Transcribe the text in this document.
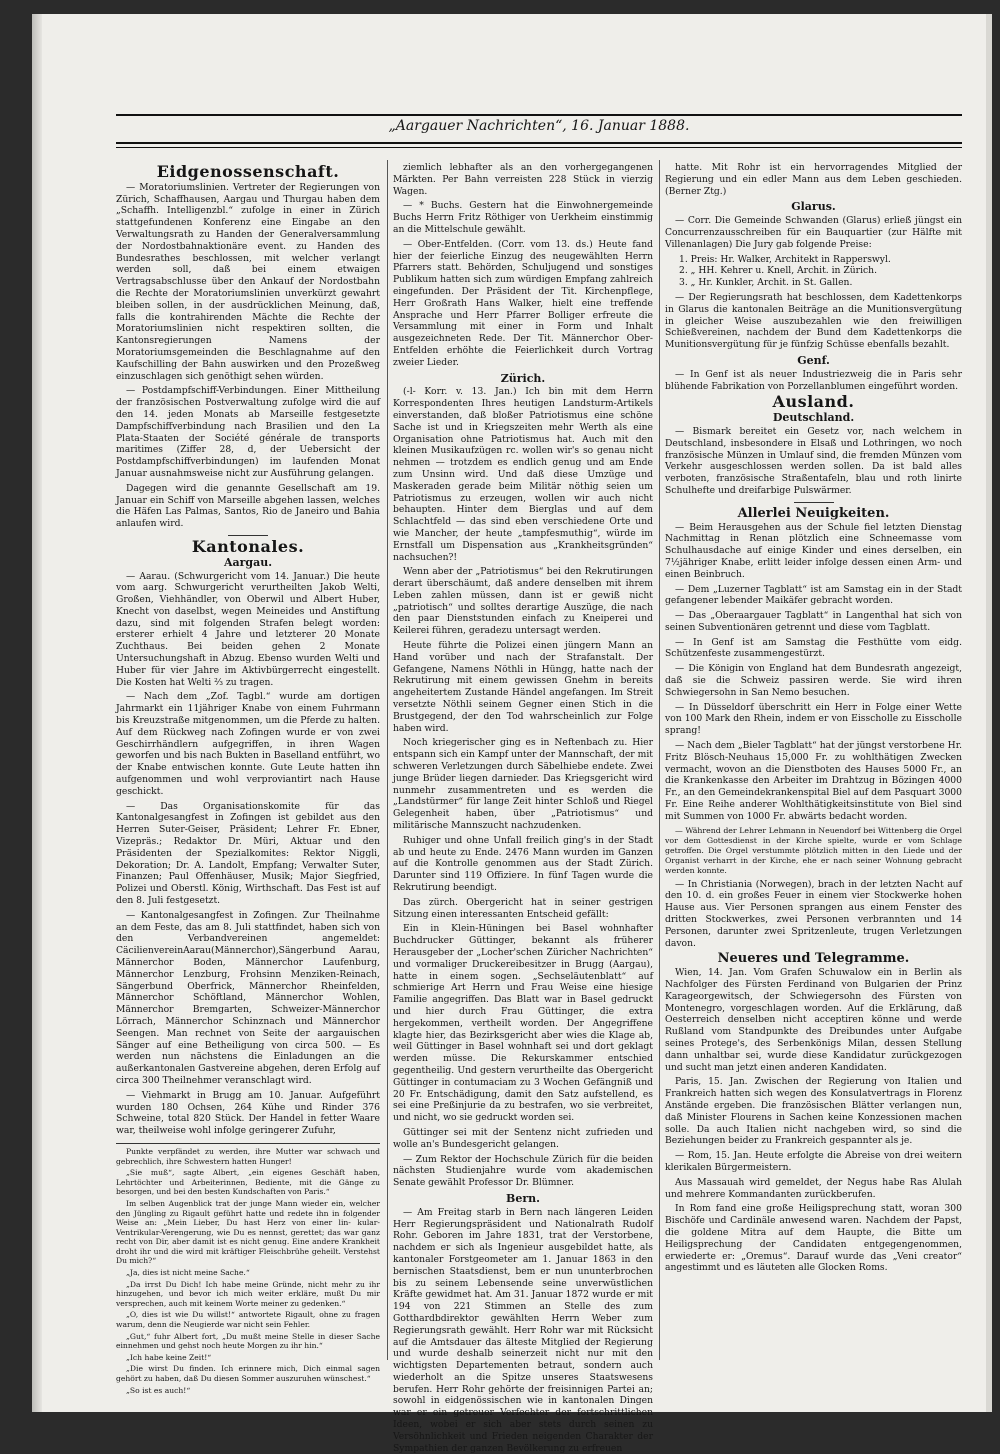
„Aargauer Nachrichten“, 16. Januar 1888.
Eidgenossenschaft.

— Moratoriumslinien. Vertreter der Regierungen von Zürich, Schaffhausen, Aargau und Thurgau haben dem „Schaffh. Intelligenzbl.“ zufolge in einer in Zürich stattgefundenen Konferenz eine Eingabe an den Verwaltungsrath zu Handen der Generalversammlung der Nordostbahnaktionäre event. zu Handen des Bundesrathes beschlossen, mit welcher verlangt werden soll, daß bei einem etwaigen Vertragsabschlusse über den Ankauf der Nordostbahn die Rechte der Moratoriumslinien unverkürzt gewahrt bleiben sollen, in der ausdrücklichen Meinung, daß, falls die kontrahirenden Mächte die Rechte der Moratoriumslinien nicht respektiren sollten, die Kantonsregierungen Namens der Moratoriumsgemeinden die Beschlagnahme auf den Kaufschilling der Bahn auswirken und den Prozeßweg einzuschlagen sich genöthigt sehen würden.

— Postdampfschiff-Verbindungen. Einer Mittheilung der französischen Postverwaltung zufolge wird die auf den 14. jeden Monats ab Marseille festgesetzte Dampfschiffverbindung nach Brasilien und den La Plata-Staaten der Société générale de transports maritimes (Ziffer 28, d, der Uebersicht der Postdampfschiffverbindungen) im laufenden Monat Januar ausnahmsweise nicht zur Ausführung gelangen.

Dagegen wird die genannte Gesellschaft am 19. Januar ein Schiff von Marseille abgehen lassen, welches die Häfen Las Palmas, Santos, Rio de Janeiro und Bahia anlaufen wird.

Kantonales.
Aargau.

— Aarau. (Schwurgericht vom 14. Januar.) Die heute vom aarg. Schwurgericht verurtheilten Jakob Welti, Großen, Viehhändler, von Oberwil und Albert Huber, Knecht von daselbst, wegen Meineides und Anstiftung dazu, sind mit folgenden Strafen belegt worden: ersterer erhielt 4 Jahre und letzterer 20 Monate Zuchthaus. Bei beiden gehen 2 Monate Untersuchungshaft in Abzug. Ebenso wurden Welti und Huber für vier Jahre im Aktivbürgerrecht eingestellt. Die Kosten hat Welti ⅔ zu tragen.

— Nach dem „Zof. Tagbl.“ wurde am dortigen Jahrmarkt ein 11jähriger Knabe von einem Fuhrmann bis Kreuzstraße mitgenommen, um die Pferde zu halten. Auf dem Rückweg nach Zofingen wurde er von zwei Geschirrhändlern aufgegriffen, in ihren Wagen geworfen und bis nach Bukten in Baselland entführt, wo der Knabe entwischen konnte. Gute Leute hatten ihn aufgenommen und wohl verproviantirt nach Hause geschickt.

— Das Organisationskomite für das Kantonalgesangfest in Zofingen ist gebildet aus den Herren Suter-Geiser, Präsident; Lehrer Fr. Ebner, Vizepräs.; Redaktor Dr. Müri, Aktuar und den Präsidenten der Spezialkomites: Rektor Niggli, Dekoration; Dr. A. Landolt, Empfang; Verwalter Suter, Finanzen; Paul Offenhäuser, Musik; Major Siegfried, Polizei und Oberstl. König, Wirthschaft. Das Fest ist auf den 8. Juli festgesetzt.

— Kantonalgesangfest in Zofingen. Zur Theilnahme an dem Feste, das am 8. Juli stattfindet, haben sich von den Verbandvereinen angemeldet: CäcilienvereinAarau(Männerchor),Sängerbund Aarau, Männerchor Boden, Männerchor Laufenburg, Männerchor Lenzburg, Frohsinn Menziken-Reinach, Sängerbund Oberfrick, Männerchor Rheinfelden, Männerchor Schöftland, Männerchor Wohlen, Männerchor Bremgarten, Schweizer-Männerchor Lörrach, Männerchor Schinznach und Männerchor Seengen. Man rechnet von Seite der aargauischen Sänger auf eine Betheiligung von circa 500. — Es werden nun nächstens die Einladungen an die außerkantonalen Gastvereine abgehen, deren Erfolg auf circa 300 Theilnehmer veranschlagt wird.

— Viehmarkt in Brugg am 10. Januar. Aufgeführt wurden 180 Ochsen, 264 Kühe und Rinder 376 Schweine, total 820 Stück. Der Handel in fetter Waare war, theilweise wohl infolge geringerer Zufuhr,

Punkte verpfändet zu werden, ihre Mutter war schwach und gebrechlich, ihre Schwestern hatten Hunger!

„Sie muß“, sagte Albert, „ein eigenes Geschäft haben, Lehrtöchter und Arbeiterinnen, Bediente, mit die Gänge zu besorgen, und bei den besten Kundschaften von Paris.“

Im selben Augenblick trat der junge Mann wieder ein, welcher den Jüngling zu Rigault geführt hatte und redete ihn in folgender Weise an: „Mein Lieber, Du hast Herz von einer lin- kular-Ventrikular-Verengerung, wie Du es nennst, gerettet; das war ganz recht von Dir, aber damit ist es nicht genug. Eine andere Krankheit droht ihr und die wird mit kräftiger Fleischbrühe geheilt. Verstehst Du mich?“

„Ja, dies ist nicht meine Sache.“

„Da irrst Du Dich! Ich habe meine Gründe, nicht mehr zu ihr hinzugehen, und bevor ich mich weiter erkläre, mußt Du mir versprechen, auch mit keinem Worte meiner zu gedenken.“

„O, dies ist wie Du willst!“ antwortete Rigault, ohne zu fragen warum, denn die Neugierde war nicht sein Fehler.

„Gut,“ fuhr Albert fort, „Du mußt meine Stelle in dieser Sache einnehmen und gehst noch heute Morgen zu ihr hin.“

„Ich habe keine Zeit!“

„Die wirst Du finden. Ich erinnere mich, Dich einmal sagen gehört zu haben, daß Du diesen Sommer auszuruhen wünschest.“

„So ist es auch!“

ziemlich lebhafter als an den vorhergegangenen Märkten. Per Bahn verreisten 228 Stück in vierzig Wagen.

— * Buchs. Gestern hat die Einwohnergemeinde Buchs Herrn Fritz Röthiger von Uerkheim einstimmig an die Mittelschule gewählt.

— Ober-Entfelden. (Corr. vom 13. ds.) Heute fand hier der feierliche Einzug des neugewählten Herrn Pfarrers statt. Behörden, Schuljugend und sonstiges Publikum hatten sich zum würdigen Empfang zahlreich eingefunden. Der Präsident der Tit. Kirchenpflege, Herr Großrath Hans Walker, hielt eine treffende Ansprache und Herr Pfarrer Bolliger erfreute die Versammlung mit einer in Form und Inhalt ausgezeichneten Rede. Der Tit. Männerchor Ober-Entfelden erhöhte die Feierlichkeit durch Vortrag zweier Lieder.

Zürich.

(-l- Korr. v. 13. Jan.) Ich bin mit dem Herrn Korrespondenten Ihres heutigen Landsturm-Artikels einverstanden, daß bloßer Patriotismus eine schöne Sache ist und in Kriegszeiten mehr Werth als eine Organisation ohne Patriotismus hat. Auch mit den kleinen Musikaufzügen rc. wollen wir's so genau nicht nehmen — trotzdem es endlich genug und am Ende zum Unsinn wird. Und daß diese Umzüge und Maskeraden gerade beim Militär nöthig seien um Patriotismus zu erzeugen, wollen wir auch nicht behaupten. Hinter dem Bierglas und auf dem Schlachtfeld — das sind eben verschiedene Orte und wie Mancher, der heute „tampfesmuthig“, würde im Ernstfall um Dispensation aus „Krankheitsgründen“ nachsuchen?!

Wenn aber der „Patriotismus“ bei den Rekrutirungen derart überschäumt, daß andere denselben mit ihrem Leben zahlen müssen, dann ist er gewiß nicht „patriotisch“ und solltes derartige Auszüge, die nach den paar Dienststunden einfach zu Kneiperei und Keilerei führen, geradezu untersagt werden.

Heute führte die Polizei einen jüngern Mann an Hand vorüber und nach der Strafanstalt. Der Gefangene, Namens Nöthli in Hüngg, hatte nach der Rekrutirung mit einem gewissen Gnehm in bereits angeheitertem Zustande Händel angefangen. Im Streit versetzte Nöthli seinem Gegner einen Stich in die Brustgegend, der den Tod wahrscheinlich zur Folge haben wird.

Noch kriegerischer ging es in Neftenbach zu. Hier entspann sich ein Kampf unter der Mannschaft, der mit schweren Verletzungen durch Säbelhiebe endete. Zwei junge Brüder liegen darnieder. Das Kriegsgericht wird nunmehr zusammentreten und es werden die „Landstürmer“ für lange Zeit hinter Schloß und Riegel Gelegenheit haben, über „Patriotismus“ und militärische Mannszucht nachzudenken.

Ruhiger und ohne Unfall freilich ging's in der Stadt ab und heute zu Ende. 2476 Mann wurden im Ganzen auf die Kontrolle genommen aus der Stadt Zürich. Darunter sind 119 Offiziere. In fünf Tagen wurde die Rekrutirung beendigt.

Das zürch. Obergericht hat in seiner gestrigen Sitzung einen interessanten Entscheid gefällt:

Ein in Klein-Hüningen bei Basel wohnhafter Buchdrucker Güttinger, bekannt als früherer Herausgeber der „Locher'schen Züricher Nachrichten“ und vormaliger Druckereibesitzer in Brugg (Aargau), hatte in einem sogen. „Sechseläutenblatt“ auf schmierige Art Herrn und Frau Weise eine hiesige Familie angegriffen. Das Blatt war in Basel gedruckt und hier durch Frau Güttinger, die extra hergekommen, vertheilt worden. Der Angegriffene klagte hier, das Bezirksgericht aber wies die Klage ab, weil Güttinger in Basel wohnhaft sei und dort geklagt werden müsse. Die Rekurskammer entschied gegentheilig. Und gestern verurtheilte das Obergericht Güttinger in contumaciam zu 3 Wochen Gefängniß und 20 Fr. Entschädigung, damit den Satz aufstellend, es sei eine Preßinjurie da zu bestrafen, wo sie verbreitet, und nicht, wo sie gedruckt worden sei.

Güttinger sei mit der Sentenz nicht zufrieden und wolle an's Bundesgericht gelangen.

— Zum Rektor der Hochschule Zürich für die beiden nächsten Studienjahre wurde vom akademischen Senate gewählt Professor Dr. Blümner.

Bern.

— Am Freitag starb in Bern nach längeren Leiden Herr Regierungspräsident und Nationalrath Rudolf Rohr. Geboren im Jahre 1831, trat der Verstorbene, nachdem er sich als Ingenieur ausgebildet hatte, als kantonaler Forstgeometer am 1. Januar 1863 in den bernischen Staatsdienst, bem er nun ununterbrochen bis zu seinem Lebensende seine unverwüstlichen Kräfte gewidmet hat. Am 31. Januar 1872 wurde er mit 194 von 221 Stimmen an Stelle des zum Gotthardbdirektor gewählten Herrn Weber zum Regierungsrath gewählt. Herr Rohr war mit Rücksicht auf die Amtsdauer das älteste Mitglied der Regierung und wurde deshalb seinerzeit nicht nur mit den wichtigsten Departementen betraut, sondern auch wiederholt an die Spitze unseres Staatswesens berufen. Herr Rohr gehörte der freisinnigen Partei an; sowohl in eidgenössischen wie in kantonalen Dingen war er ein getreuer Verfechter der fortschrittlichen Ideen, wobei er sich aber stets durch seinen zu Versöhnlichkeit und Frieden neigenden Charakter der Sympathien der ganzen Bevölkerung zu erfreuen

hatte. Mit Rohr ist ein hervorragendes Mitglied der Regierung und ein edler Mann aus dem Leben geschieden. (Berner Ztg.)

Glarus.

— Corr. Die Gemeinde Schwanden (Glarus) erließ jüngst ein Concurrenzausschreiben für ein Bauquartier (zur Hälfte mit Villenanlagen) Die Jury gab folgende Preise:

1. Preis: Hr. Walker, Architekt in Rapperswyl.
2. „ HH. Kehrer u. Knell, Archit. in Zürich.
3. „ Hr. Kunkler, Archit. in St. Gallen.

— Der Regierungsrath hat beschlossen, dem Kadettenkorps in Glarus die kantonalen Beiträge an die Munitionsvergütung in gleicher Weise auszubezahlen wie den freiwilligen Schießvereinen, nachdem der Bund dem Kadettenkorps die Munitionsvergütung für je fünfzig Schüsse ebenfalls bezahlt.

Genf.

— In Genf ist als neuer Industriezweig die in Paris sehr blühende Fabrikation von Porzellanblumen eingeführt worden.

Ausland.
Deutschland.

— Bismark bereitet ein Gesetz vor, nach welchem in Deutschland, insbesondere in Elsaß und Lothringen, wo noch französische Münzen in Umlauf sind, die fremden Münzen vom Verkehr ausgeschlossen werden sollen. Da ist bald alles verboten, französische Straßentafeln, blau und roth linirte Schulhefte und dreifarbige Pulswärmer.

Allerlei Neuigkeiten.

— Beim Herausgehen aus der Schule fiel letzten Dienstag Nachmittag in Renan plötzlich eine Schneemasse vom Schulhausdache auf einige Kinder und eines derselben, ein 7½jähriger Knabe, erlitt leider infolge dessen einen Arm- und einen Beinbruch.

— Dem „Luzerner Tagblatt“ ist am Samstag ein in der Stadt gefangener lebender Maikäfer gebracht worden.

— Das „Oberaargauer Tagblatt“ in Langenthal hat sich von seinen Subventionären getrennt und diese vom Tagblatt.

— In Genf ist am Samstag die Festhütte vom eidg. Schützenfeste zusammengestürzt.

— Die Königin von England hat dem Bundesrath angezeigt, daß sie die Schweiz passiren werde. Sie wird ihren Schwiegersohn in San Nemo besuchen.

— In Düsseldorf überschritt ein Herr in Folge einer Wette von 100 Mark den Rhein, indem er von Eisscholle zu Eisscholle sprang!

— Nach dem „Bieler Tagblatt“ hat der jüngst verstorbene Hr. Fritz Blösch-Neuhaus 15,000 Fr. zu wohlthätigen Zwecken vermacht, wovon an die Dienstboten des Hauses 5000 Fr., an die Krankenkasse den Arbeiter im Drahtzug in Bözingen 4000 Fr., an den Gemeindekrankenspital Biel auf dem Pasquart 3000 Fr. Eine Reihe anderer Wohlthätigkeitsinstitute von Biel sind mit Summen von 1000 Fr. abwärts bedacht worden.

— Während der Lehrer Lehmann in Neuendorf bei Wittenberg die Orgel vor dem Gottesdienst in der Kirche spielte, wurde er vom Schlage getroffen. Die Orgel verstummte plötzlich mitten in den Liede und der Organist verharrt in der Kirche, ehe er nach seiner Wohnung gebracht werden konnte.

— In Christiania (Norwegen), brach in der letzten Nacht auf den 10. d. ein großes Feuer in einem vier Stockwerke hohen Hause aus. Vier Personen sprangen aus einem Fenster des dritten Stockwerkes, zwei Personen verbrannten und 14 Personen, darunter zwei Spritzenleute, trugen Verletzungen davon.

Neueres und Telegramme.

Wien, 14. Jan. Vom Grafen Schuwalow ein in Berlin als Nachfolger des Fürsten Ferdinand von Bulgarien der Prinz Karageorgewitsch, der Schwiegersohn des Fürsten von Montenegro, vorgeschlagen worden. Auf die Erklärung, daß Oesterreich denselben nicht acceptiren könne und werde Rußland vom Standpunkte des Dreibundes unter Aufgabe seines Protege's, des Serbenkönigs Milan, dessen Stellung dann unhaltbar sei, wurde diese Kandidatur zurückgezogen und sucht man jetzt einen anderen Kandidaten.

Paris, 15. Jan. Zwischen der Regierung von Italien und Frankreich hatten sich wegen des Konsulatvertrags in Florenz Anstände ergeben. Die französischen Blätter verlangen nun, daß Minister Flourens in Sachen keine Konzessionen machen solle. Da auch Italien nicht nachgeben wird, so sind die Beziehungen beider zu Frankreich gespannter als je.

— Rom, 15. Jan. Heute erfolgte die Abreise von drei weitern klerikalen Bürgermeistern.

Aus Massauah wird gemeldet, der Negus habe Ras Alulah und mehrere Kommandanten zurückberufen.

In Rom fand eine große Heiligsprechung statt, woran 300 Bischöfe und Cardinäle anwesend waren. Nachdem der Papst, die goldene Mitra auf dem Haupte, die Bitte um Heiligsprechung der Candidaten entgegengenommen, erwiederte er: „Oremus“. Darauf wurde das „Veni creator“ angestimmt und es läuteten alle Glocken Roms.
